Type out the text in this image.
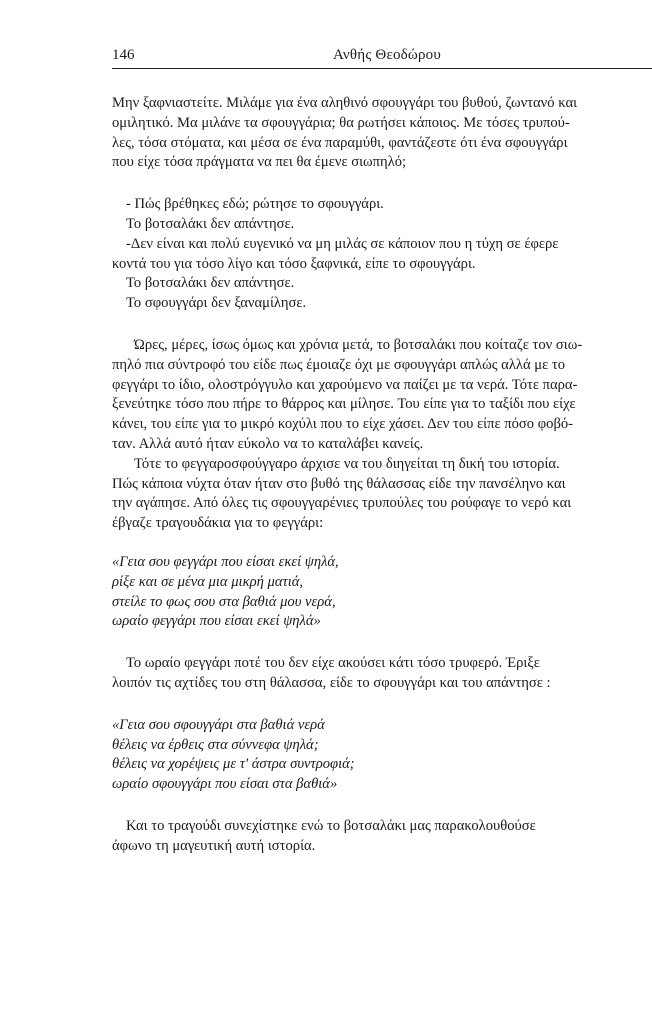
146	Ανθής Θεοδώρου

Μην ξαφνιαστείτε. Μιλάμε για ένα αληθινό σφουγγάρι του βυθού, ζωντανό και
ομιλητικό. Μα μιλάνε τα σφουγγάρια; θα ρωτήσει κάποιος. Με τόσες τρυπού-
λες, τόσα στόματα, και μέσα σε ένα παραμύθι, φαντάζεστε ότι ένα σφουγγάρι
που είχε τόσα πράγματα να πει θα έμενε σιωπηλό;

- Πώς βρέθηκες εδώ; ρώτησε το σφουγγάρι.
Το βοτσαλάκι δεν απάντησε.
-Δεν είναι και πολύ ευγενικό να μη μιλάς σε κάποιον που η τύχη σε έφερε
κοντά του για τόσο λίγο και τόσο ξαφνικά, είπε το σφουγγάρι.
Το βοτσαλάκι δεν απάντησε.
Το σφουγγάρι δεν ξαναμίλησε.

Ώρες, μέρες, ίσως όμως και χρόνια μετά, το βοτσαλάκι που κοίταζε τον σιω-
πηλό πια σύντροφό του είδε πως έμοιαζε όχι με σφουγγάρι απλώς αλλά με το
φεγγάρι το ίδιο, ολοστρόγγυλο και χαρούμενο να παίζει με τα νερά. Τότε παρα-
ξενεύτηκε τόσο που πήρε το θάρρος και μίλησε. Του είπε για το ταξίδι που είχε
κάνει, του είπε για το μικρό κοχύλι που το είχε χάσει. Δεν του είπε πόσο φοβό-
ταν. Αλλά αυτό ήταν εύκολο να το καταλάβει κανείς.

Τότε το φεγγαροσφούγγαρο άρχισε να του διηγείται τη δική του ιστορία.
Πώς κάποια νύχτα όταν ήταν στο βυθό της θάλασσας είδε την πανσέληνο και
την αγάπησε. Από όλες τις σφουγγαρένιες τρυπούλες του ρούφαγε το νερό και
έβγαζε τραγουδάκια για το φεγγάρι:

«Γεια σου φεγγάρι που είσαι εκεί ψηλά,
ρίξε και σε μένα μια μικρή ματιά,
στείλε το φως σου στα βαθιά μου νερά,
ωραίο φεγγάρι που είσαι εκεί ψηλά»

Το ωραίο φεγγάρι ποτέ του δεν είχε ακούσει κάτι τόσο τρυφερό. Έριξε
λοιπόν τις αχτίδες του στη θάλασσα, είδε το σφουγγάρι και του απάντησε :

«Γεια σου σφουγγάρι στα βαθιά νερά
θέλεις να έρθεις στα σύννεφα ψηλά;
θέλεις να χορέψεις με τ' άστρα συντροφιά;
ωραίο σφουγγάρι που είσαι στα βαθιά»

Και το τραγούδι συνεχίστηκε ενώ το βοτσαλάκι μας παρακολουθούσε
άφωνο τη μαγευτική αυτή ιστορία.
